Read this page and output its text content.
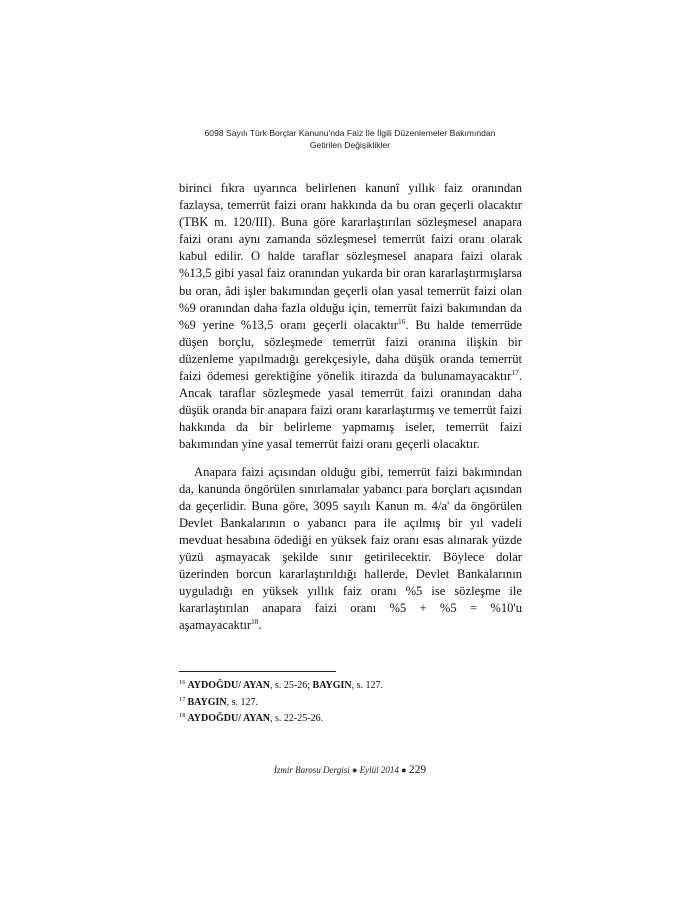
6098 Sayılı Türk Borçlar Kanunu'nda Faiz İle İlgili Düzenlemeler Bakımından
Getirilen Değişiklikler

birinci fıkra uyarınca belirlenen kanunî yıllık faiz oranından fazlaysa, temerrüt faizi oranı hakkında da bu oran geçerli olacaktır (TBK m. 120/III). Buna göre kararlaştırılan sözleşmesel anapara faizi oranı aynı zamanda sözleşmesel temerrüt faizi oranı olarak kabul edilir. O halde taraflar sözleşmesel anapara faizi olarak %13,5 gibi yasal faiz oranından yukarda bir oran kararlaştırmışlarsa bu oran, âdi işler bakımından geçerli olan yasal temerrüt faizi olan %9 oranından daha fazla olduğu için, temerrüt faizi bakımından da %9 yerine %13,5 oranı geçerli olacaktır$^{16}$. Bu halde temerrüde düşen borçlu, sözleşmede temerrüt faizi oranına ilişkin bir düzenleme yapılmadığı gerekçesiyle, daha düşük oranda temerrüt faizi ödemesi gerektiğine yönelik itirazda da bulunamayacaktır$^{17}$. Ancak taraflar sözleşmede yasal temerrüt faizi oranından daha düşük oranda bir anapara faizi oranı kararlaştırmış ve temerrüt faizi hakkında da bir belirleme yapmamış iseler, temerrüt faizi bakımından yine yasal temerrüt faizi oranı geçerli olacaktır.

Anapara faizi açısından olduğu gibi, temerrüt faizi bakımından da, kanunda öngörülen sınırlamalar yabancı para borçları açısından da geçerlidir. Buna göre, 3095 sayılı Kanun m. 4/a' da öngörülen Devlet Bankalarının o yabancı para ile açılmış bir yıl vadeli mevduat hesabına ödediği en yüksek faiz oranı esas alınarak yüzde yüzü aşmayacak şekilde sınır getirilecektir. Böylece dolar üzerinden borcun kararlaştırıldığı hallerde, Devlet Bankalarının uyguladığı en yüksek yıllık faiz oranı %5 ise sözleşme ile kararlaştırılan anapara faizi oranı %5 + %5 = %10'u aşamayacaktır$^{18}$.

$^{16}$ AYDOĞDU/ AYAN, s. 25-26; BAYGIN, s. 127.
$^{17}$ BAYGIN, s. 127.
$^{18}$ AYDOĞDU/ AYAN, s. 22-25-26.
İzmir Barosu Dergisi ● Eylül 2014 ● 229
